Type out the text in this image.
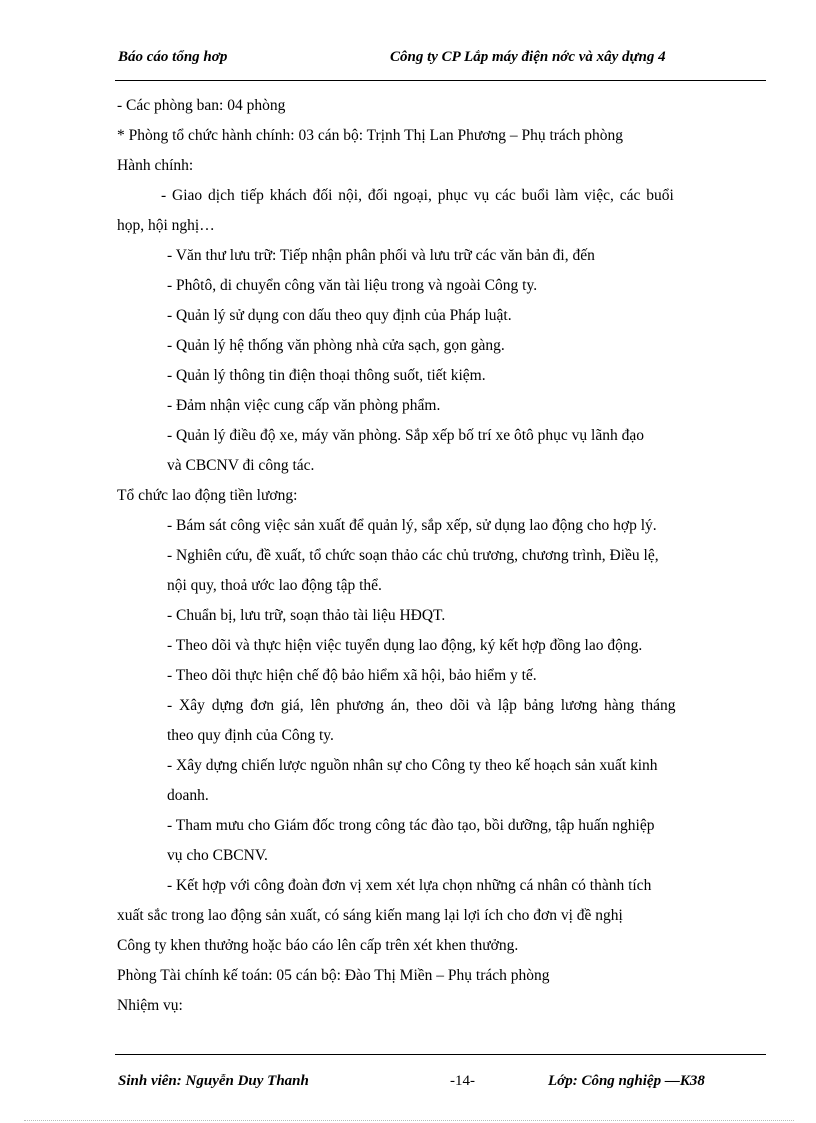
Báo cáo tổng hơp	Công ty CP Lắp máy điện nớc và xây dựng 4
- Các phòng ban: 04 phòng
* Phòng tổ chức hành chính: 03 cán bộ: Trịnh Thị Lan Phương – Phụ trách phòng
Hành chính:
- Giao dịch tiếp khách đối nội, đối ngoại, phục vụ các buổi làm việc, các buổi
họp, hội nghị…
- Văn thư lưu trữ: Tiếp nhận phân phối và lưu trữ các văn bản đi, đến
- Phôtô, di chuyển công văn tài liệu trong và ngoài Công ty.
- Quản lý sử dụng con dấu theo quy định của Pháp luật.
- Quản lý hệ thống văn phòng nhà cửa sạch, gọn gàng.
- Quản lý thông tin điện thoại thông suốt, tiết kiệm.
- Đảm nhận việc cung cấp văn phòng phẩm.
- Quản lý điều độ xe, máy văn phòng. Sắp xếp bố trí xe ôtô phục vụ lãnh đạo
và CBCNV đi công tác.
Tổ chức lao động tiền lương:
- Bám sát công việc sản xuất để quản lý, sắp xếp, sử dụng lao động cho hợp lý.
- Nghiên cứu, đề xuất, tổ chức soạn thảo các chủ trương, chương trình, Điều lệ,
nội quy, thoả ước lao động tập thể.
- Chuẩn bị, lưu trữ, soạn thảo tài liệu HĐQT.
- Theo dõi và thực hiện việc tuyển dụng lao động, ký kết hợp đồng lao động.
- Theo dõi thực hiện chế độ bảo hiểm xã hội, bảo hiểm y tế.
- Xây dựng đơn giá, lên phương án, theo dõi và lập bảng lương hàng tháng
theo quy định của Công ty.
- Xây dựng chiến lược nguồn nhân sự cho Công ty theo kế hoạch sản xuất kinh
doanh.
- Tham mưu cho Giám đốc trong công tác đào tạo, bồi dưỡng, tập huấn nghiệp
vụ cho CBCNV.
- Kết hợp với công đoàn đơn vị xem xét lựa chọn những cá nhân có thành tích
xuất sắc trong lao động sản xuất, có sáng kiến mang lại lợi ích cho đơn vị đề nghị
Công ty khen thưởng hoặc báo cáo lên cấp trên xét khen thưởng.
Phòng Tài chính kế toán: 05 cán bộ: Đào Thị Miền – Phụ trách phòng
Nhiệm vụ:
Sinh viên: Nguyễn Duy Thanh	-14-	Lớp: Công nghiệp —K38
